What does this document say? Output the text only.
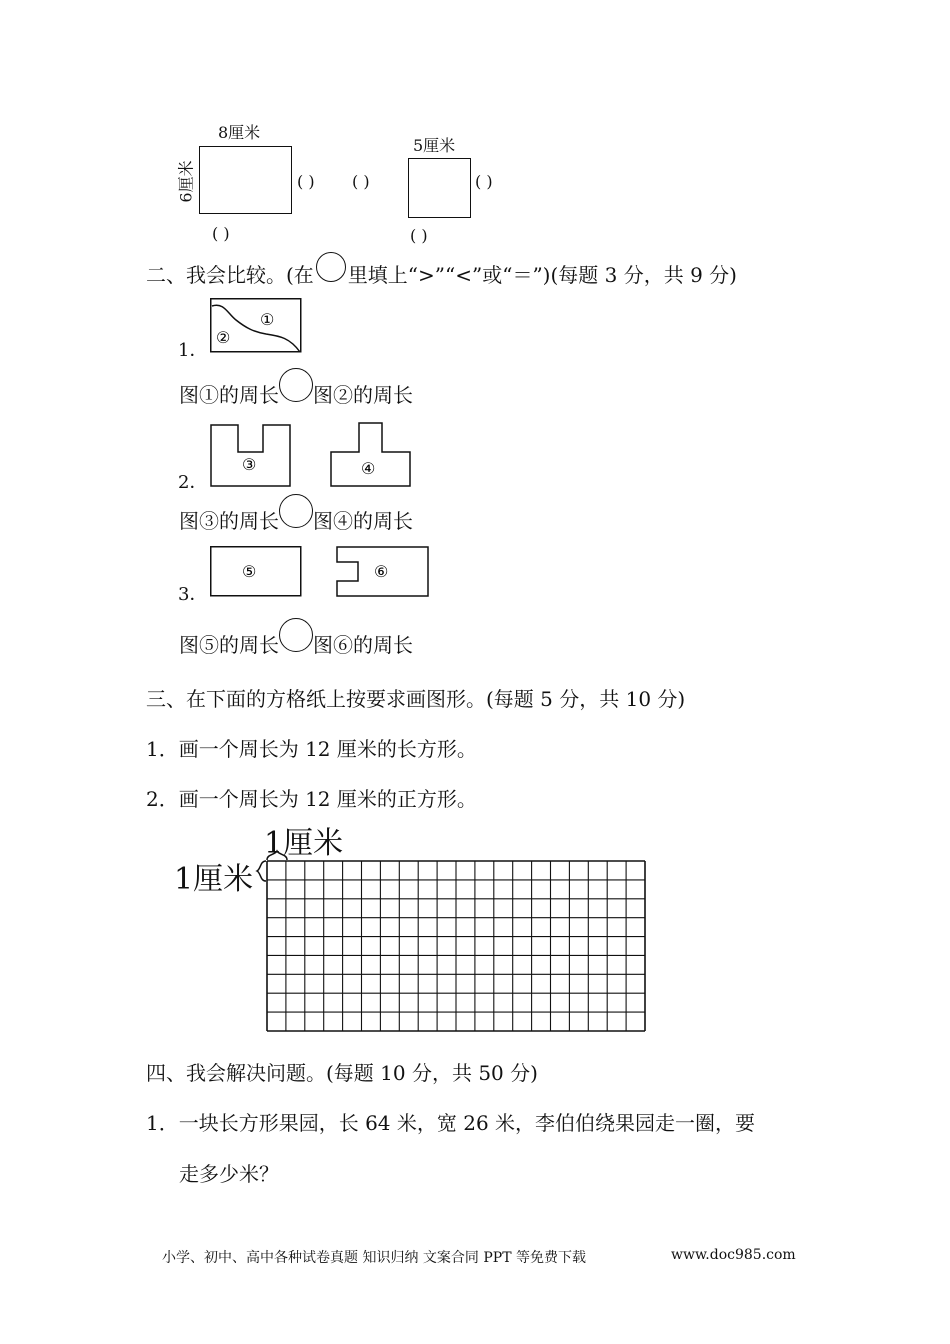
8厘米
6厘米	( )
( )
5厘米
( )	( )
( )
二、我会比较。(在 里填上“>”“<”或“＝”)(每题 3 分，共 9 分)
1．
①
②
图①的周长 图②的周长
2．
③	④
图③的周长 图④的周长
3．
⑤	⑥
图⑤的周长 图⑥的周长
三、在下面的方格纸上按要求画图形。(每题 5 分，共 10 分)
1．画一个周长为 12 厘米的长方形。
2．画一个周长为 12 厘米的正方形。
1厘米
1厘米
四、我会解决问题。(每题 10 分，共 50 分)
1．一块长方形果园，长 64 米，宽 26 米，李伯伯绕果园走一圈，要
走多少米？
小学、初中、高中各种试卷真题 知识归纳 文案合同 PPT 等免费下载	www.doc985.com
